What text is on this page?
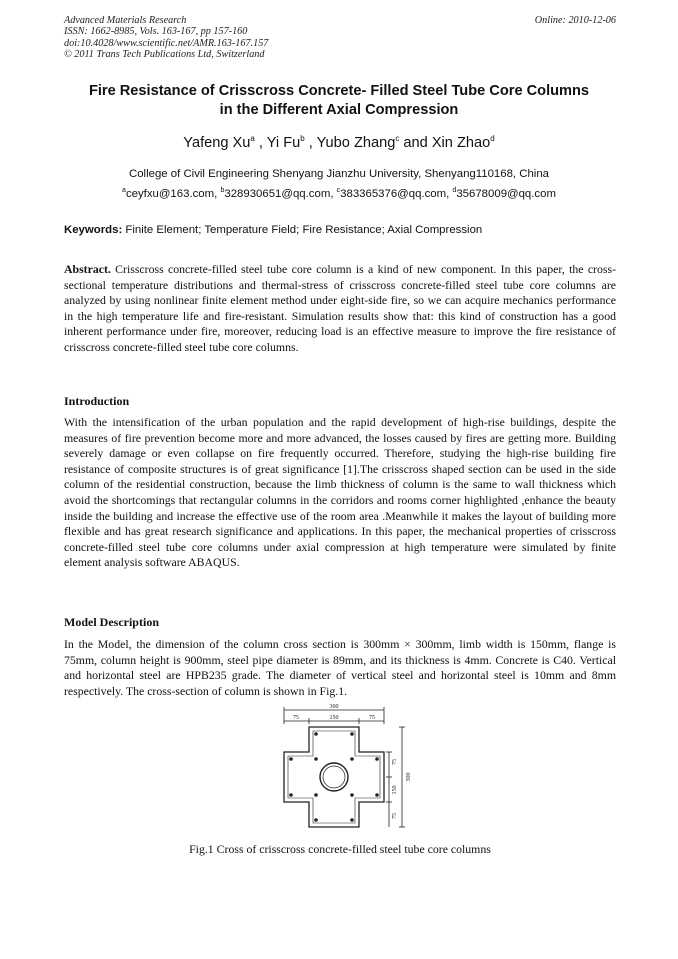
Advanced Materials Research
ISSN: 1662-8985, Vols. 163-167, pp 157-160
doi:10.4028/www.scientific.net/AMR.163-167.157
© 2011 Trans Tech Publications Ltd, Switzerland
Online: 2010-12-06
Fire Resistance of Crisscross Concrete- Filled Steel Tube Core Columns
in the Different Axial Compression
Yafeng Xu$^a$ , Yi Fu$^b$ , Yubo Zhang$^c$ and Xin Zhao$^d$
College of Civil Engineering Shenyang Jianzhu University, Shenyang110168, China
$^a$ceyfxu@163.com, $^b$328930651@qq.com, $^c$383365376@qq.com, $^d$35678009@qq.com
Keywords: Finite Element; Temperature Field; Fire Resistance; Axial Compression
Abstract. Crisscross concrete-filled steel tube core column is a kind of new component. In this paper, the cross-sectional temperature distributions and thermal-stress of crisscross concrete-filled steel tube core columns are analyzed by using nonlinear finite element method under eight-side fire, so we can acquire mechanics performance in the high temperature life and fire-resistant. Simulation results show that: this kind of construction has a good inherent performance under fire, moreover, reducing load is an effective measure to improve the fire resistance of crisscross concrete-filled steel tube core columns.
Introduction
With the intensification of the urban population and the rapid development of high-rise buildings, despite the measures of fire prevention become more and more advanced, the losses caused by fires are getting more. Building severely damage or even collapse on fire frequently occurred. Therefore, studying the high-rise building fire resistance of composite structures is of great significance [1].The crisscross shaped section can be used in the side column of the residential construction, because the limb thickness of column is the same to wall thickness which avoid the shortcomings that rectangular columns in the corridors and rooms corner highlighted ,enhance the beauty inside the building and increase the effective use of the room area .Meanwhile it makes the layout of building more flexible and has great research significance and applications. In this paper, the mechanical properties of crisscross concrete-filled steel tube core columns under axial compression at high temperature were simulated by finite element analysis software ABAQUS.
Model Description
In the Model, the dimension of the column cross section is 300mm × 300mm, limb width is 150mm, flange is 75mm, column height is 900mm, steel pipe diameter is 89mm, and its thickness is 4mm. Concrete is C40. Vertical and horizontal steel are HPB235 grade. The diameter of vertical steel and horizontal steel is 10mm and 8mm respectively. The cross-section of column is shown in Fig.1.
300
75	150	75
75
150
75
300
Fig.1 Cross of crisscross concrete-filled steel tube core columns
